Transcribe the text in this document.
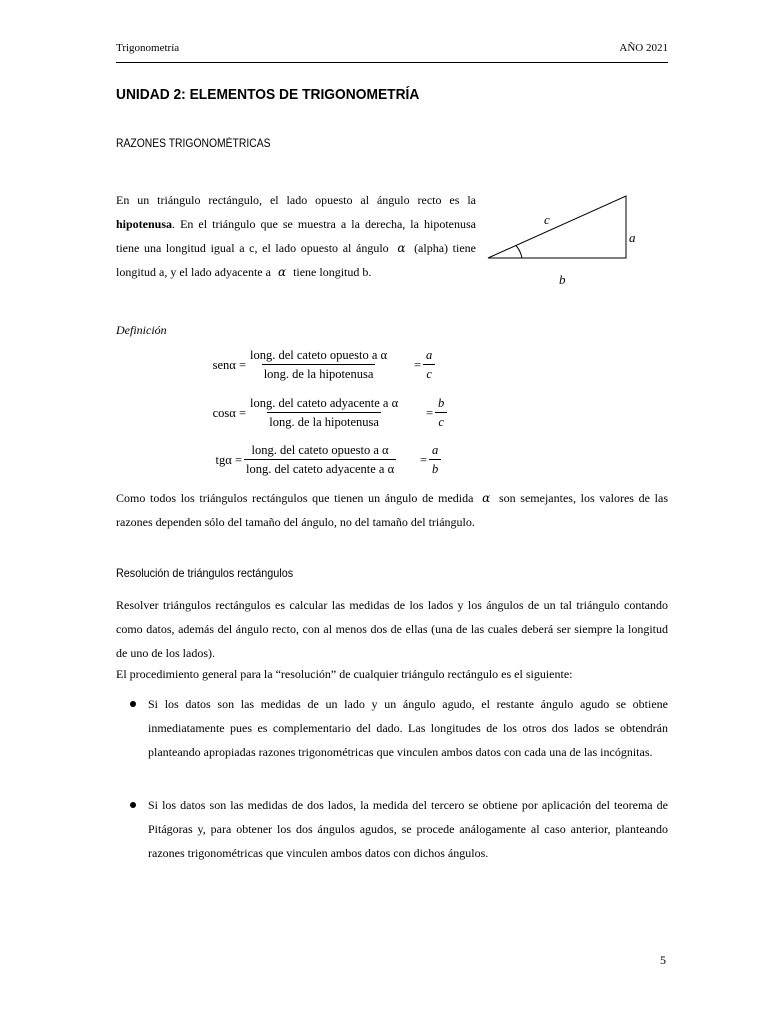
Trigonometría	AÑO 2021
UNIDAD 2: ELEMENTOS DE TRIGONOMETRÍA
RAZONES TRIGONOMÉTRICAS
En un triángulo rectángulo, el lado opuesto al ángulo recto es la hipotenusa. En el triángulo que se muestra a la derecha, la hipotenusa tiene una longitud igual a c, el lado opuesto al ángulo α (alpha) tiene longitud a, y el lado adyacente a α tiene longitud b.
c
a
b
Definición
senα =
long. del cateto opuesto a α
long. de la hipotenusa
= $\frac{a}{c}$
cosα =
long. del cateto adyacente a α
long. de la hipotenusa
= $\frac{b}{c}$
tgα =
long. del cateto opuesto a α
long. del cateto adyacente a α
= $\frac{a}{b}$
Como todos los triángulos rectángulos que tienen un ángulo de medida α son semejantes, los valores de las razones dependen sólo del tamaño del ángulo, no del tamaño del triángulo.
Resolución de triángulos rectángulos
Resolver triángulos rectángulos es calcular las medidas de los lados y los ángulos de un tal triángulo contando como datos, además del ángulo recto, con al menos dos de ellas (una de las cuales deberá ser siempre la longitud de uno de los lados).
El procedimiento general para la “resolución” de cualquier triángulo rectángulo es el siguiente:
Si los datos son las medidas de un lado y un ángulo agudo, el restante ángulo agudo se obtiene inmediatamente pues es complementario del dado. Las longitudes de los otros dos lados se obtendrán planteando apropiadas razones trigonométricas que vinculen ambos datos con cada una de las incógnitas.
Si los datos son las medidas de dos lados, la medida del tercero se obtiene por aplicación del teorema de Pitágoras y, para obtener los dos ángulos agudos, se procede análogamente al caso anterior, planteando razones trigonométricas que vinculen ambos datos con dichos ángulos.
5
